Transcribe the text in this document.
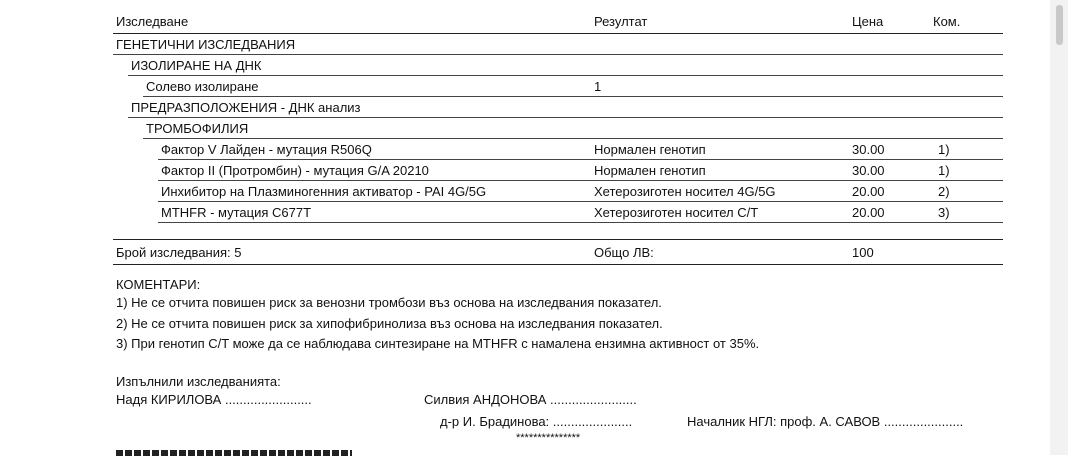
Изследване	Резултат	Цена	Ком.
ГЕНЕТИЧНИ ИЗСЛЕДВАНИЯ
ИЗОЛИРАНЕ НА ДНК
Солево изолиране	1
ПРЕДРАЗПОЛОЖЕНИЯ - ДНК анализ
ТРОМБОФИЛИЯ
Фактор V Лайден - мутация R506Q	Нормален генотип	30.00	1)
Фактор II (Протромбин) - мутация G/A 20210	Нормален генотип	30.00	1)
Инхибитор на Плазминогенния активатор - PAI 4G/5G	Хетерозиготен носител 4G/5G	20.00	2)
MTHFR - мутация C677T	Хетерозиготен носител C/T	20.00	3)
Брой изследвания: 5	Общо ЛВ:	100
КОМЕНТАРИ:
1) Не се отчита повишен риск за венозни тромбози въз основа на изследвания показател.
2) Не се отчита повишен риск за хипофибринолиза въз основа на изследвания показател.
3) При генотип C/T може да се наблюдава синтезиране на MTHFR с намалена ензимна активност от 35%.
Изпълнили изследванията:
Надя КИРИЛОВА ........................	Силвия АНДОНОВА ........................
д-р И. Брадинова: ......................	Началник НГЛ: проф. А. САВОВ ......................
***************
